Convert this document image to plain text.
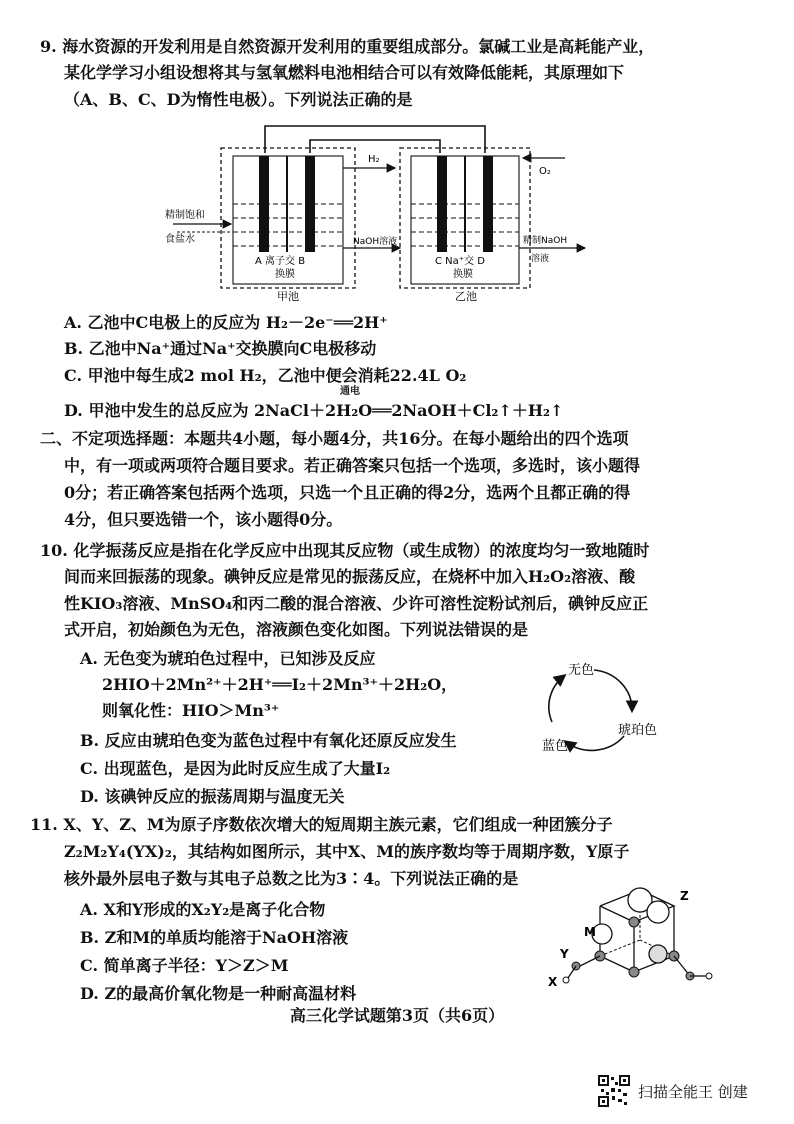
9. 海水资源的开发利用是自然资源开发利用的重要组成部分。氯碱工业是高耗能产业，
某化学学习小组设想将其与氢氧燃料电池相结合可以有效降低能耗，其原理如下
（A、B、C、D为惰性电极）。下列说法正确的是
精制饱和
食盐水
H₂
NaOH溶液
O₂
精制NaOH
溶液
A 离子交 B
换膜
甲池
C Na⁺交 D
换膜
乙池
A. 乙池中C电极上的反应为 H₂－2e⁻══2H⁺
B. 乙池中Na⁺通过Na⁺交换膜向C电极移动
C. 甲池中每生成2 mol H₂，乙池中便会消耗22.4L O₂
D. 甲池中发生的总反应为 2NaCl＋2H₂O══2NaOH＋Cl₂↑＋H₂↑
通电
二、不定项选择题：本题共4小题，每小题4分，共16分。在每小题给出的四个选项
中，有一项或两项符合题目要求。若正确答案只包括一个选项，多选时，该小题得
0分；若正确答案包括两个选项，只选一个且正确的得2分，选两个且都正确的得
4分，但只要选错一个，该小题得0分。
10. 化学振荡反应是指在化学反应中出现其反应物（或生成物）的浓度均匀一致地随时
间而来回振荡的现象。碘钟反应是常见的振荡反应，在烧杯中加入H₂O₂溶液、酸
性KIO₃溶液、MnSO₄和丙二酸的混合溶液、少许可溶性淀粉试剂后，碘钟反应正
式开启，初始颜色为无色，溶液颜色变化如图。下列说法错误的是
A. 无色变为琥珀色过程中，已知涉及反应
2HIO＋2Mn²⁺＋2H⁺══I₂＋2Mn³⁺＋2H₂O，
则氧化性：HIO＞Mn³⁺
B. 反应由琥珀色变为蓝色过程中有氧化还原反应发生
C. 出现蓝色，是因为此时反应生成了大量I₂
D. 该碘钟反应的振荡周期与温度无关
无色
琥珀色
蓝色
11. X、Y、Z、M为原子序数依次增大的短周期主族元素，它们组成一种团簇分子
Z₂M₂Y₄(YX)₂，其结构如图所示，其中X、M的族序数均等于周期序数，Y原子
核外最外层电子数与其电子总数之比为3∶4。下列说法正确的是
A. X和Y形成的X₂Y₂是离子化合物
B. Z和M的单质均能溶于NaOH溶液
C. 简单离子半径：Y＞Z＞M
D. Z的最高价氧化物是一种耐高温材料
Z
M
Y
X
高三化学试题第3页（共6页）
扫描全能王 创建
